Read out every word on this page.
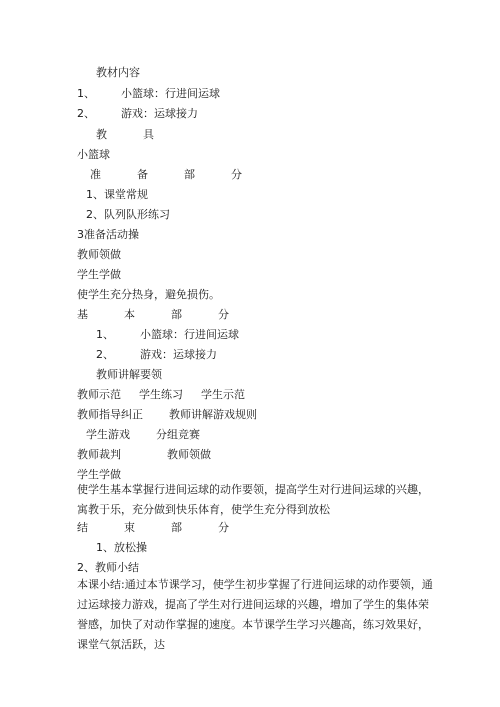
教材内容
1、 小篮球：行进间运球
2、 游戏：运球接力
教	具
小篮球
准	备	部	分
1、课堂常规
2、队列队形练习
3准备活动操
教师领做
学生学做
使学生充分热身，避免损伤。
基	本	部	分
1、 小篮球：行进间运球
2、 游戏：运球接力
教师讲解要领
教师示范 学生练习 学生示范
教师指导纠正 教师讲解游戏规则
学生游戏 分组竞赛
教师裁判	教师领做
学生学做
使学生基本掌握行进间运球的动作要领，提高学生对行进间运球的兴趣，寓教于乐，充分做到快乐体育，使学生充分得到放松
结	束	部	分
1、放松操
2、教师小结
本课小结:通过本节课学习，使学生初步掌握了行进间运球的动作要领，通过运球接力游戏，提高了学生对行进间运球的兴趣，增加了学生的集体荣誉感，加快了对动作掌握的速度。本节课学生学习兴趣高，练习效果好，课堂气氛活跃，达
